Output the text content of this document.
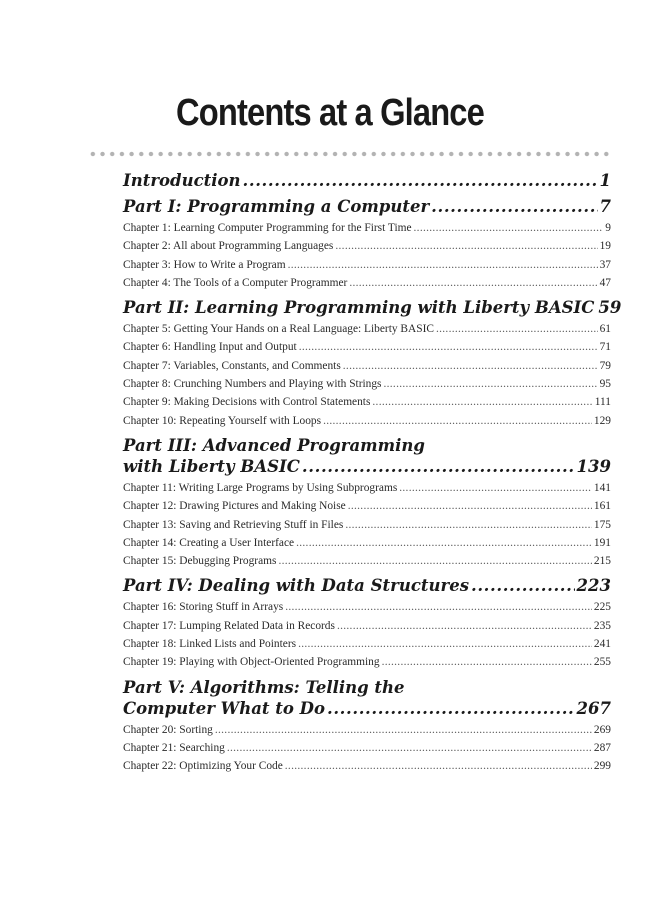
Contents at a Glance
Introduction .....	1
Part I: Programming a Computer .....	7
Chapter 1: Learning Computer Programming for the First Time .....	9
Chapter 2: All about Programming Languages .....	19
Chapter 3: How to Write a Program .....	37
Chapter 4: The Tools of a Computer Programmer .....	47
Part II: Learning Programming with Liberty BASIC 59
Chapter 5: Getting Your Hands on a Real Language: Liberty BASIC .....	61
Chapter 6: Handling Input and Output .....	71
Chapter 7: Variables, Constants, and Comments .....	79
Chapter 8: Crunching Numbers and Playing with Strings .....	95
Chapter 9: Making Decisions with Control Statements .....	111
Chapter 10: Repeating Yourself with Loops .....	129
Part III: Advanced Programming
with Liberty BASIC .....	139
Chapter 11: Writing Large Programs by Using Subprograms .....	141
Chapter 12: Drawing Pictures and Making Noise .....	161
Chapter 13: Saving and Retrieving Stuff in Files .....	175
Chapter 14: Creating a User Interface .....	191
Chapter 15: Debugging Programs .....	215
Part IV: Dealing with Data Structures .....	223
Chapter 16: Storing Stuff in Arrays .....	225
Chapter 17: Lumping Related Data in Records .....	235
Chapter 18: Linked Lists and Pointers .....	241
Chapter 19: Playing with Object-Oriented Programming .....	255
Part V: Algorithms: Telling the
Computer What to Do .....	267
Chapter 20: Sorting .....	269
Chapter 21: Searching .....	287
Chapter 22: Optimizing Your Code .....	299
